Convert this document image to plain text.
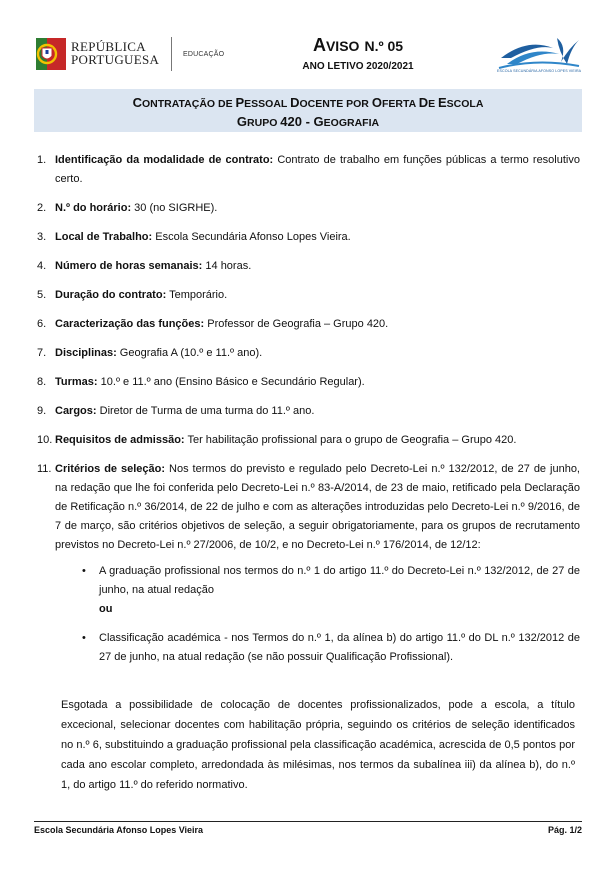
REPÚBLICA
PORTUGUESA	EDUCAÇÃO	AVISO N.º 05
ANO LETIVO 2020/2021	ESCOLA SECUNDÁRIA AFONSO LOPES VIEIRA
CONTRATAÇÃO DE PESSOAL DOCENTE POR OFERTA DE ESCOLA
GRUPO 420 - GEOGRAFIA
1. Identificação da modalidade de contrato: Contrato de trabalho em funções públicas a termo resolutivo certo.
2. N.º do horário: 30 (no SIGRHE).
3. Local de Trabalho: Escola Secundária Afonso Lopes Vieira.
4. Número de horas semanais: 14 horas.
5. Duração do contrato: Temporário.
6. Caracterização das funções: Professor de Geografia – Grupo 420.
7. Disciplinas: Geografia A (10.º e 11.º ano).
8. Turmas: 10.º e 11.º ano (Ensino Básico e Secundário Regular).
9. Cargos: Diretor de Turma de uma turma do 11.º ano.
10. Requisitos de admissão: Ter habilitação profissional para o grupo de Geografia – Grupo 420.
11. Critérios de seleção: Nos termos do previsto e regulado pelo Decreto-Lei n.º 132/2012, de 27 de junho, na redação que lhe foi conferida pelo Decreto-Lei n.º 83-A/2014, de 23 de maio, retificado pela Declaração de Retificação n.º 36/2014, de 22 de julho e com as alterações introduzidas pelo Decreto-Lei n.º 9/2016, de 7 de março, são critérios objetivos de seleção, a seguir obrigatoriamente, para os grupos de recrutamento previstos no Decreto-Lei n.º 27/2006, de 10/2, e no Decreto-Lei n.º 176/2014, de 12/12:
• A graduação profissional nos termos do n.º 1 do artigo 11.º do Decreto-Lei n.º 132/2012, de 27 de junho, na atual redação
ou
• Classificação académica - nos Termos do n.º 1, da alínea b) do artigo 11.º do DL n.º 132/2012 de 27 de junho, na atual redação (se não possuir Qualificação Profissional).
Esgotada a possibilidade de colocação de docentes profissionalizados, pode a escola, a título excecional, selecionar docentes com habilitação própria, seguindo os critérios de seleção identificados no n.º 6, substituindo a graduação profissional pela classificação académica, acrescida de 0,5 pontos por cada ano escolar completo, arredondada às milésimas, nos termos da subalínea iii) da alínea b), do n.º 1, do artigo 11.º do referido normativo.
Escola Secundária Afonso Lopes Vieira	Pág. 1/2
